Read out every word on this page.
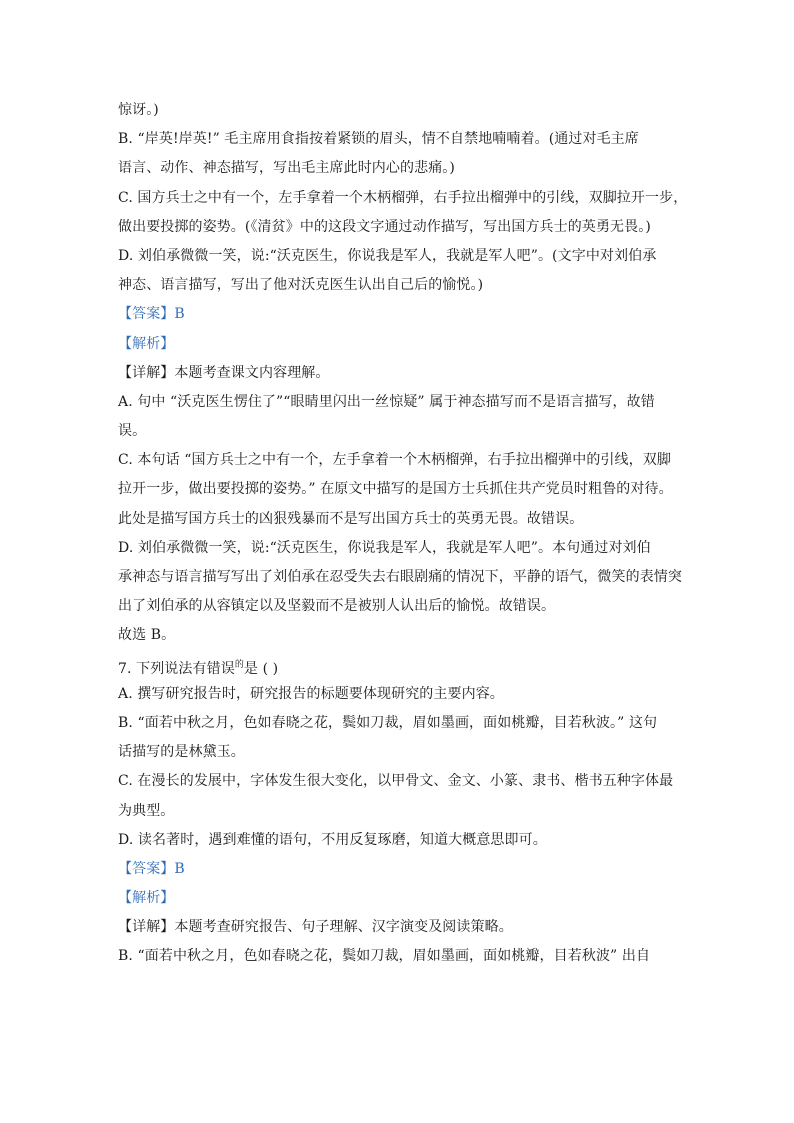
惊讶。)
B. “岸英!岸英!” 毛主席用食指按着紧锁的眉头，情不自禁地喃喃着。(通过对毛主席
语言、动作、神态描写，写出毛主席此时内心的悲痛。)
C. 国方兵士之中有一个，左手拿着一个木柄榴弹，右手拉出榴弹中的引线，双脚拉开一步，
做出要投掷的姿势。(《清贫》中的这段文字通过动作描写，写出国方兵士的英勇无畏。)
D. 刘伯承微微一笑，说:“沃克医生，你说我是军人，我就是军人吧”。(文字中对刘伯承
神态、语言描写，写出了他对沃克医生认出自己后的愉悦。)
【答案】B
【解析】
【详解】本题考查课文内容理解。
A. 句中 “沃克医生愣住了”“眼睛里闪出一丝惊疑” 属于神态描写而不是语言描写，故错
误。
C. 本句话 “国方兵士之中有一个，左手拿着一个木柄榴弹，右手拉出榴弹中的引线，双脚
拉开一步，做出要投掷的姿势。” 在原文中描写的是国方士兵抓住共产党员时粗鲁的对待。
此处是描写国方兵士的凶狠残暴而不是写出国方兵士的英勇无畏。故错误。
D. 刘伯承微微一笑，说:“沃克医生，你说我是军人，我就是军人吧”。本句通过对刘伯
承神态与语言描写写出了刘伯承在忍受失去右眼剧痛的情况下，平静的语气，微笑的表情突
出了刘伯承的从容镇定以及坚毅而不是被别人认出后的愉悦。故错误。
故选 B。
7. 下列说法有错误$^的$是 ( )
A. 撰写研究报告时，研究报告的标题要体现研究的主要内容。
B. “面若中秋之月，色如春晓之花，鬓如刀裁，眉如墨画，面如桃瓣，目若秋波。” 这句
话描写的是林黛玉。
C. 在漫长的发展中，字体发生很大变化，以甲骨文、金文、小篆、隶书、楷书五种字体最
为典型。
D. 读名著时，遇到难懂的语句，不用反复琢磨，知道大概意思即可。
【答案】B
【解析】
【详解】本题考查研究报告、句子理解、汉字演变及阅读策略。
B. “面若中秋之月，色如春晓之花，鬓如刀裁，眉如墨画，面如桃瓣，目若秋波” 出自
